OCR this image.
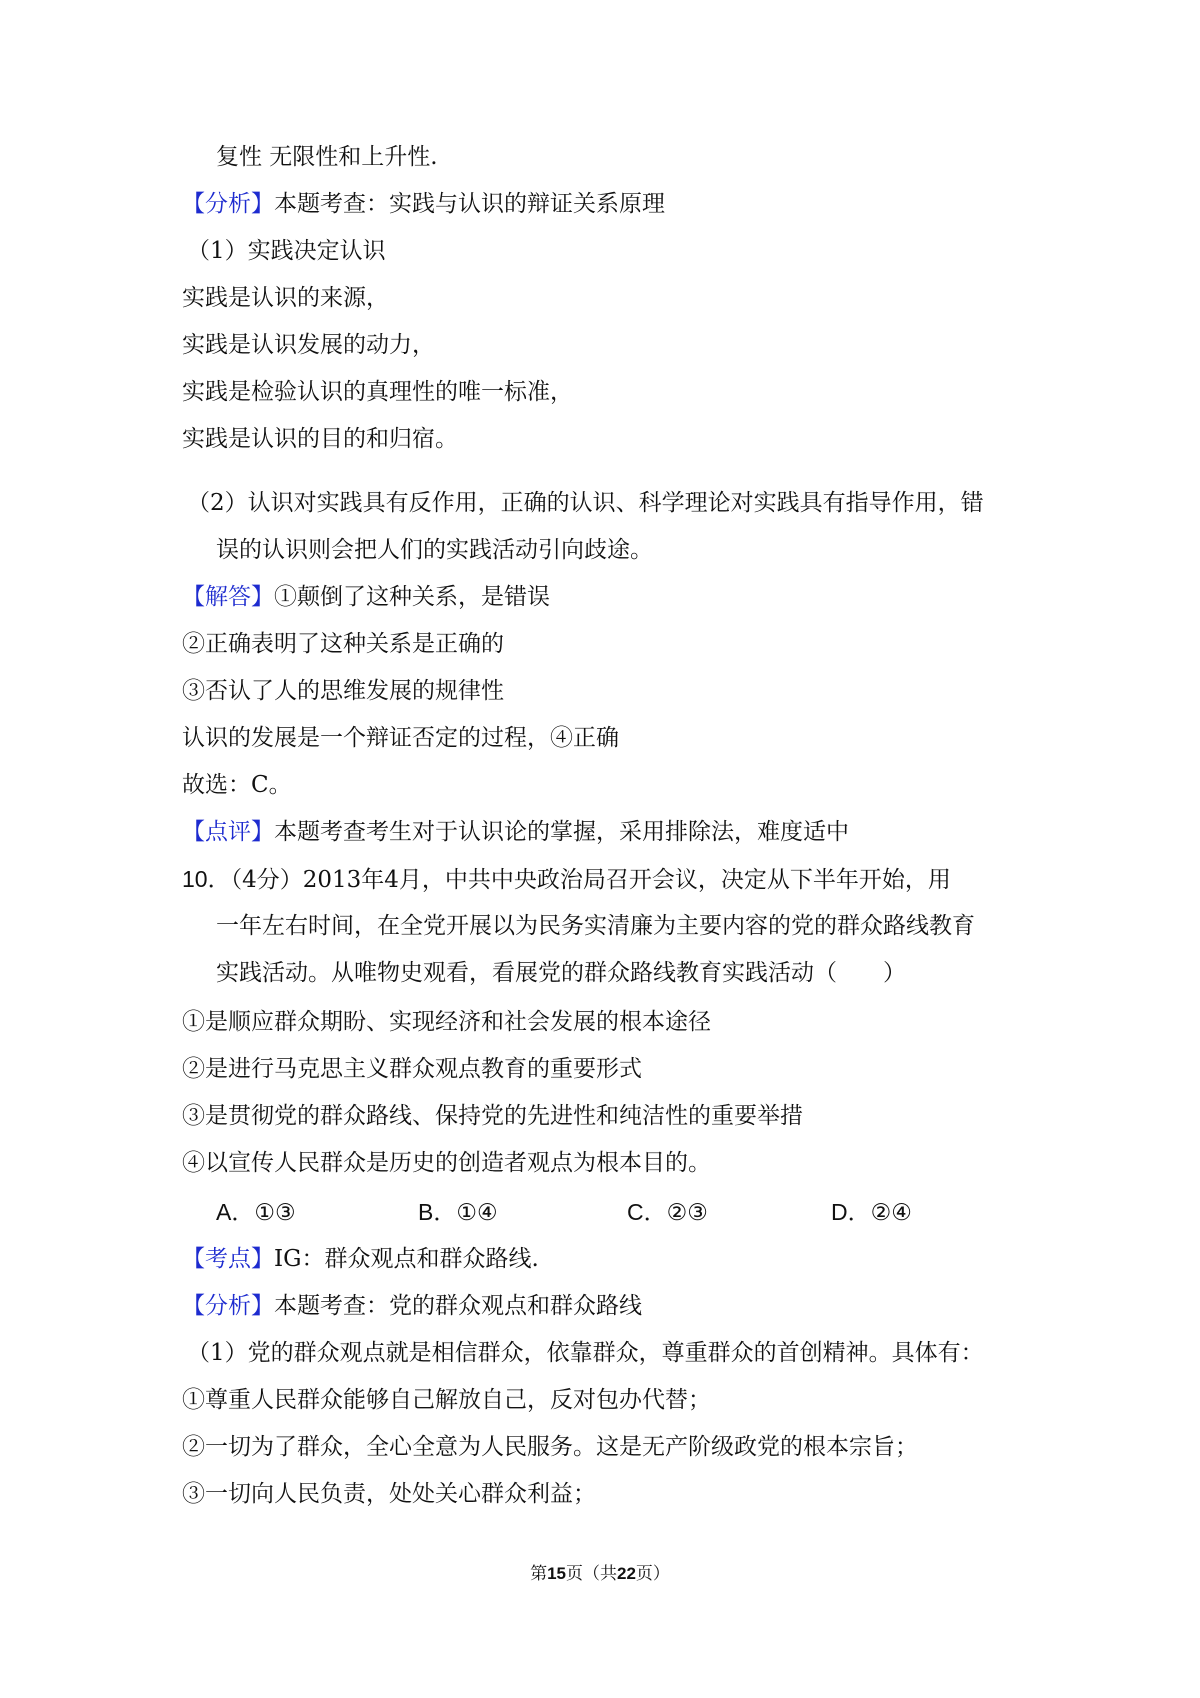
复性 无限性和上升性.
【分析】本题考查：实践与认识的辩证关系原理
（1）实践决定认识
实践是认识的来源，
实践是认识发展的动力，
实践是检验认识的真理性的唯一标准，
实践是认识的目的和归宿。
（2）认识对实践具有反作用，正确的认识、科学理论对实践具有指导作用，错
误的认识则会把人们的实践活动引向歧途。
【解答】①颠倒了这种关系，是错误
②正确表明了这种关系是正确的
③否认了人的思维发展的规律性
认识的发展是一个辩证否定的过程，④正确
故选：C。
【点评】本题考查考生对于认识论的掌握，采用排除法，难度适中
10．（4分）2013年4月，中共中央政治局召开会议，决定从下半年开始，用
一年左右时间，在全党开展以为民务实清廉为主要内容的党的群众路线教育
实践活动。从唯物史观看，看展党的群众路线教育实践活动（　　）
①是顺应群众期盼、实现经济和社会发展的根本途径
②是进行马克思主义群众观点教育的重要形式
③是贯彻党的群众路线、保持党的先进性和纯洁性的重要举措
④以宣传人民群众是历史的创造者观点为根本目的。
A．①③	B．①④	C．②③	D．②④
【考点】IG：群众观点和群众路线.
【分析】本题考查：党的群众观点和群众路线
（1）党的群众观点就是相信群众，依靠群众，尊重群众的首创精神。具体有：
①尊重人民群众能够自己解放自己，反对包办代替；
②一切为了群众，全心全意为人民服务。这是无产阶级政党的根本宗旨；
③一切向人民负责，处处关心群众利益；
第15页（共22页）
